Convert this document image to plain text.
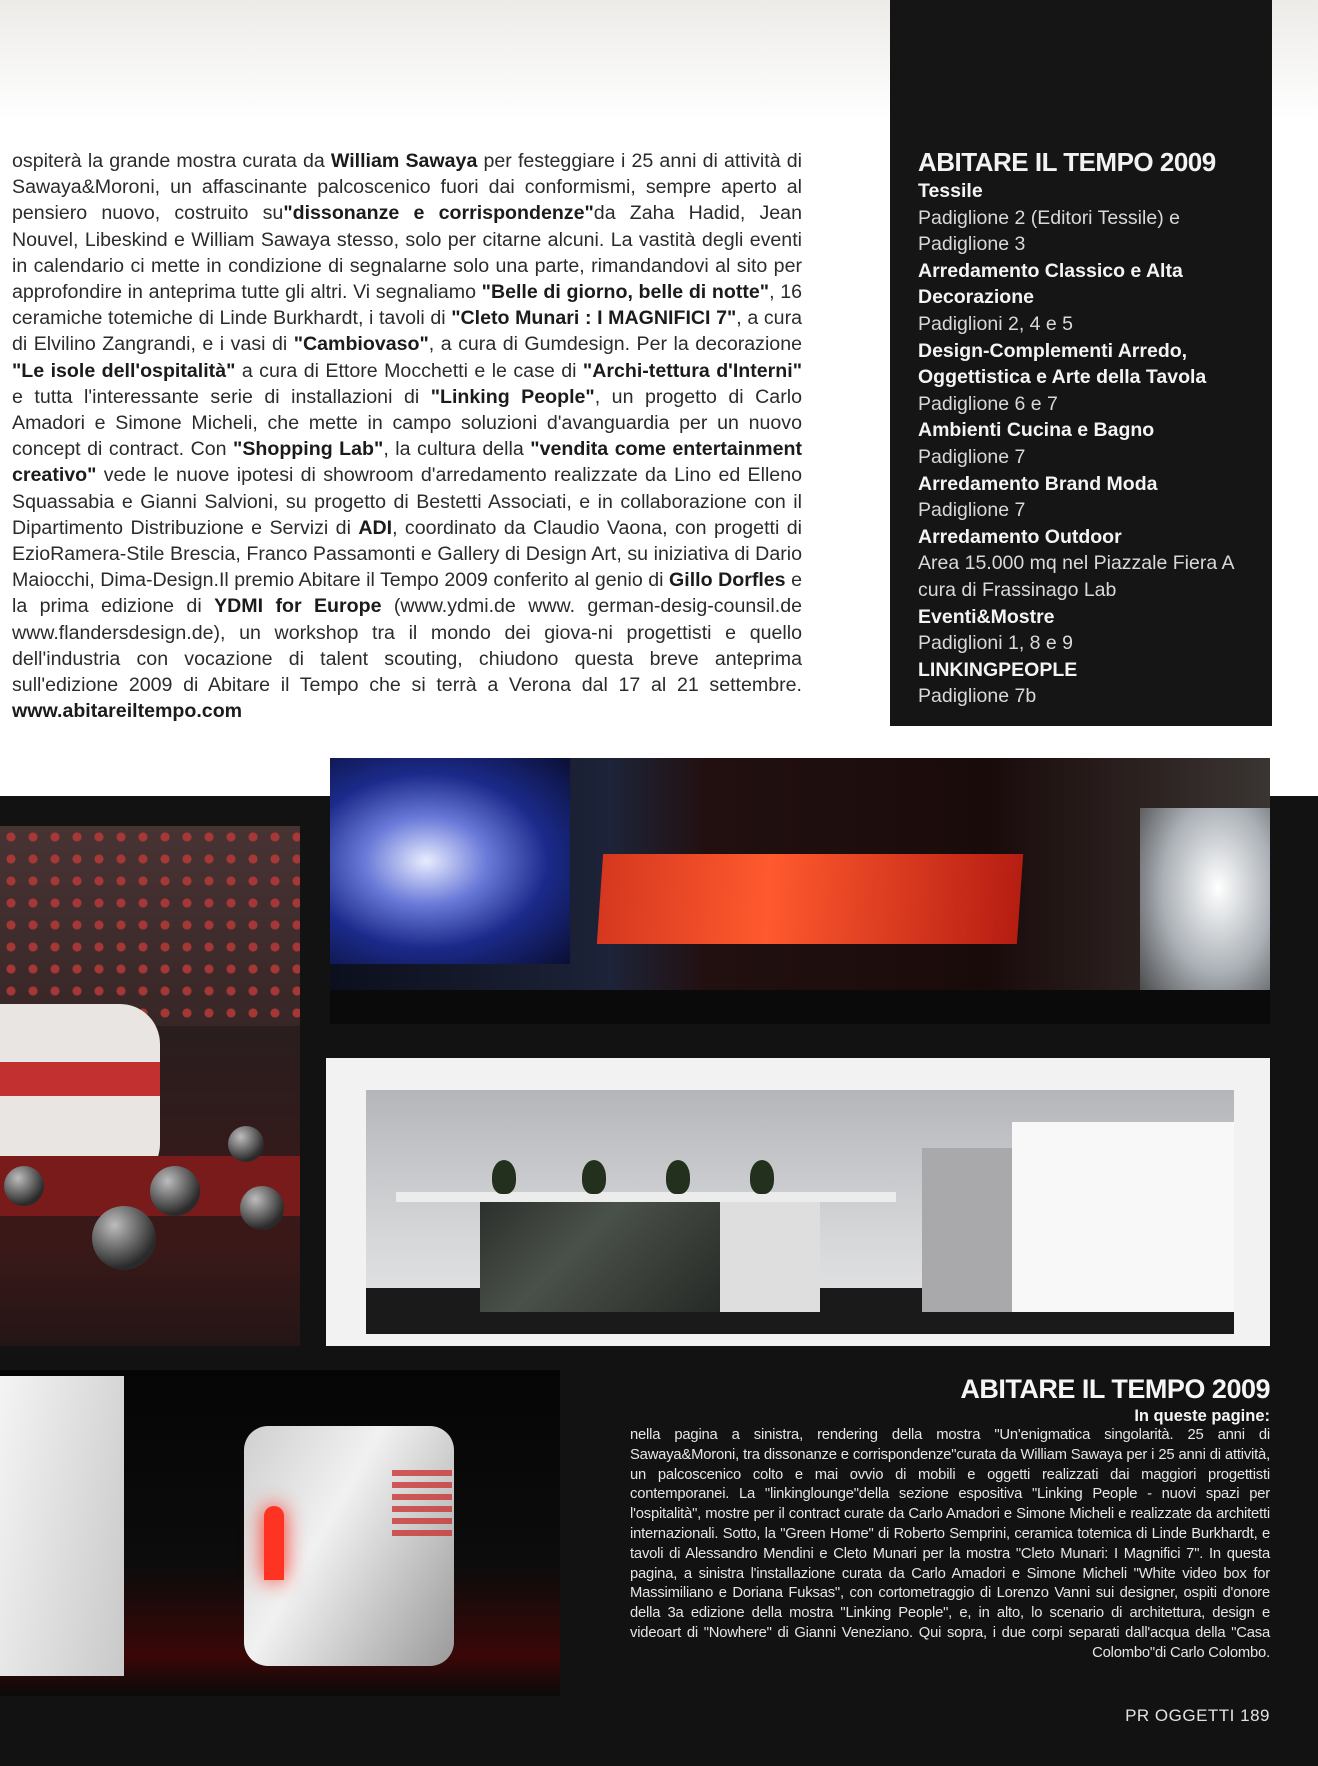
ospiterà la grande mostra curata da William Sawaya per festeggiare i 25 anni di attività di Sawaya&Moroni, un affascinante palcoscenico fuori dai conformismi, sempre aperto al pensiero nuovo, costruito su"dissonanze e corrispondenze"da Zaha Hadid, Jean Nouvel, Libeskind e William Sawaya stesso, solo per citarne alcuni. La vastità degli eventi in calendario ci mette in condizione di segnalarne solo una parte, rimandandovi al sito per approfondire in anteprima tutte gli altri. Vi segnaliamo "Belle di giorno, belle di notte", 16 ceramiche totemiche di Linde Burkhardt, i tavoli di "Cleto Munari : I MAGNIFICI 7", a cura di Elvilino Zangrandi, e i vasi di "Cambiovaso", a cura di Gumdesign. Per la decorazione "Le isole dell'ospitalità" a cura di Ettore Mocchetti e le case di "Archi-tettura d'Interni" e tutta l'interessante serie di installazioni di "Linking People", un progetto di Carlo Amadori e Simone Micheli, che mette in campo soluzioni d'avanguardia per un nuovo concept di contract. Con "Shopping Lab", la cultura della "vendita come entertainment creativo" vede le nuove ipotesi di showroom d'arredamento realizzate da Lino ed Elleno Squassabia e Gianni Salvioni, su progetto di Bestetti Associati, e in collaborazione con il Dipartimento Distribuzione e Servizi di ADI, coordinato da Claudio Vaona, con progetti di EzioRamera-Stile Brescia, Franco Passamonti e Gallery di Design Art, su iniziativa di Dario Maiocchi, Dima-Design.Il premio Abitare il Tempo 2009 conferito al genio di Gillo Dorfles e la prima edizione di YDMI for Europe (www.ydmi.de www. german-desig-counsil.de www.flandersdesign.de), un workshop tra il mondo dei giova-ni progettisti e quello dell'industria con vocazione di talent scouting, chiudono questa breve anteprima sull'edizione 2009 di Abitare il Tempo che si terrà a Verona dal 17 al 21 settembre. www.abitareiltempo.com
ABITARE IL TEMPO 2009
Tessile
Padiglione 2 (Editori Tessile) e Padiglione 3
Arredamento Classico e Alta Decorazione
Padiglioni 2, 4 e 5
Design-Complementi Arredo, Oggettistica e Arte della Tavola
Padiglione 6 e 7
Ambienti Cucina e Bagno
Padiglione 7
Arredamento Brand Moda
Padiglione 7
Arredamento Outdoor
Area 15.000 mq nel Piazzale Fiera A cura di Frassinago Lab
Eventi&Mostre
Padiglioni 1, 8 e 9
LINKINGPEOPLE
Padiglione 7b
ABITARE IL TEMPO 2009
In queste pagine:
nella pagina a sinistra, rendering della mostra "Un'enigmatica singolarità. 25 anni di Sawaya&Moroni, tra dissonanze e corrispondenze"curata da William Sawaya per i 25 anni di attività, un palcoscenico colto e mai ovvio di mobili e oggetti realizzati dai maggiori progettisti contemporanei. La "linkinglounge"della sezione espositiva "Linking People - nuovi spazi per l'ospitalità", mostre per il contract curate da Carlo Amadori e Simone Micheli e realizzate da architetti internazionali. Sotto, la "Green Home" di Roberto Semprini, ceramica totemica di Linde Burkhardt, e tavoli di Alessandro Mendini e Cleto Munari per la mostra "Cleto Munari: I Magnifici 7". In questa pagina, a sinistra l'installazione curata da Carlo Amadori e Simone Micheli "White video box for Massimiliano e Doriana Fuksas", con cortometraggio di Lorenzo Vanni sui designer, ospiti d'onore della 3a edizione della mostra "Linking People", e, in alto, lo scenario di architettura, design e videoart di "Nowhere" di Gianni Veneziano. Qui sopra, i due corpi separati dall'acqua della "Casa Colombo"di Carlo Colombo.
PR OGGETTI 189
